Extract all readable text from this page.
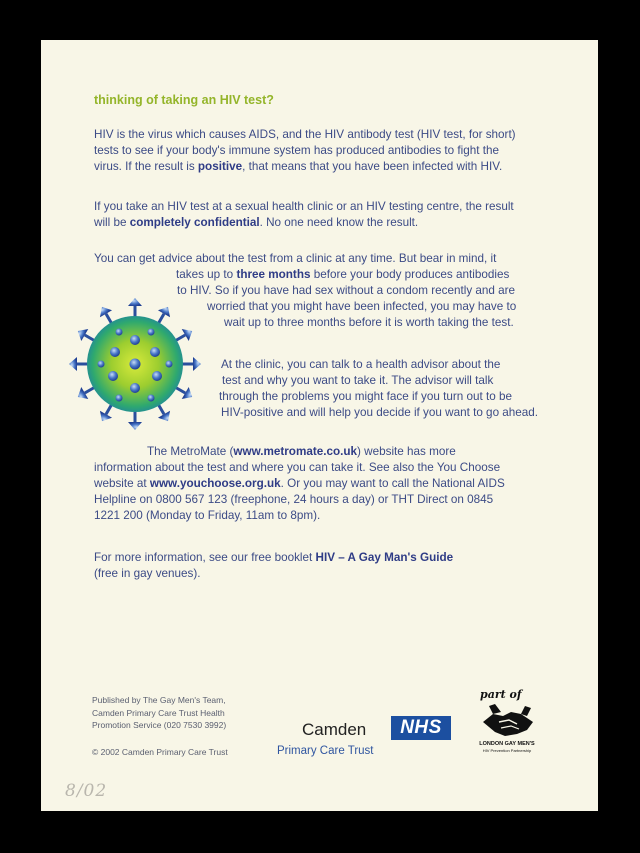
thinking of taking an HIV test?

HIV is the virus which causes AIDS, and the HIV antibody test (HIV test, for short)
tests to see if your body's immune system has produced antibodies to fight the
virus. If the result is positive, that means that you have been infected with HIV.

If you take an HIV test at a sexual health clinic or an HIV testing centre, the result
will be completely confidential. No one need know the result.

You can get advice about the test from a clinic at any time. But bear in mind, it
takes up to three months before your body produces antibodies
to HIV. So if you have had sex without a condom recently and are
worried that you might have been infected, you may have to
wait up to three months before it is worth taking the test.

At the clinic, you can talk to a health advisor about the
test and why you want to take it. The advisor will talk
through the problems you might face if you turn out to be
HIV-positive and will help you decide if you want to go ahead.

The MetroMate (www.metromate.co.uk) website has more
information about the test and where you can take it. See also the You Choose
website at www.youchoose.org.uk. Or you may want to call the National AIDS
Helpline on 0800 567 123 (freephone, 24 hours a day) or THT Direct on 0845
1221 200 (Monday to Friday, 11am to 8pm).

For more information, see our free booklet HIV – A Gay Man's Guide
(free in gay venues).

Published by The Gay Men's Team,
Camden Primary Care Trust Health
Promotion Service (020 7530 3992)

© 2002 Camden Primary Care Trust

Camden	NHS

Primary Care Trust

part of

LONDON GAY MEN'S

HIV Prevention Partnership

8/02
